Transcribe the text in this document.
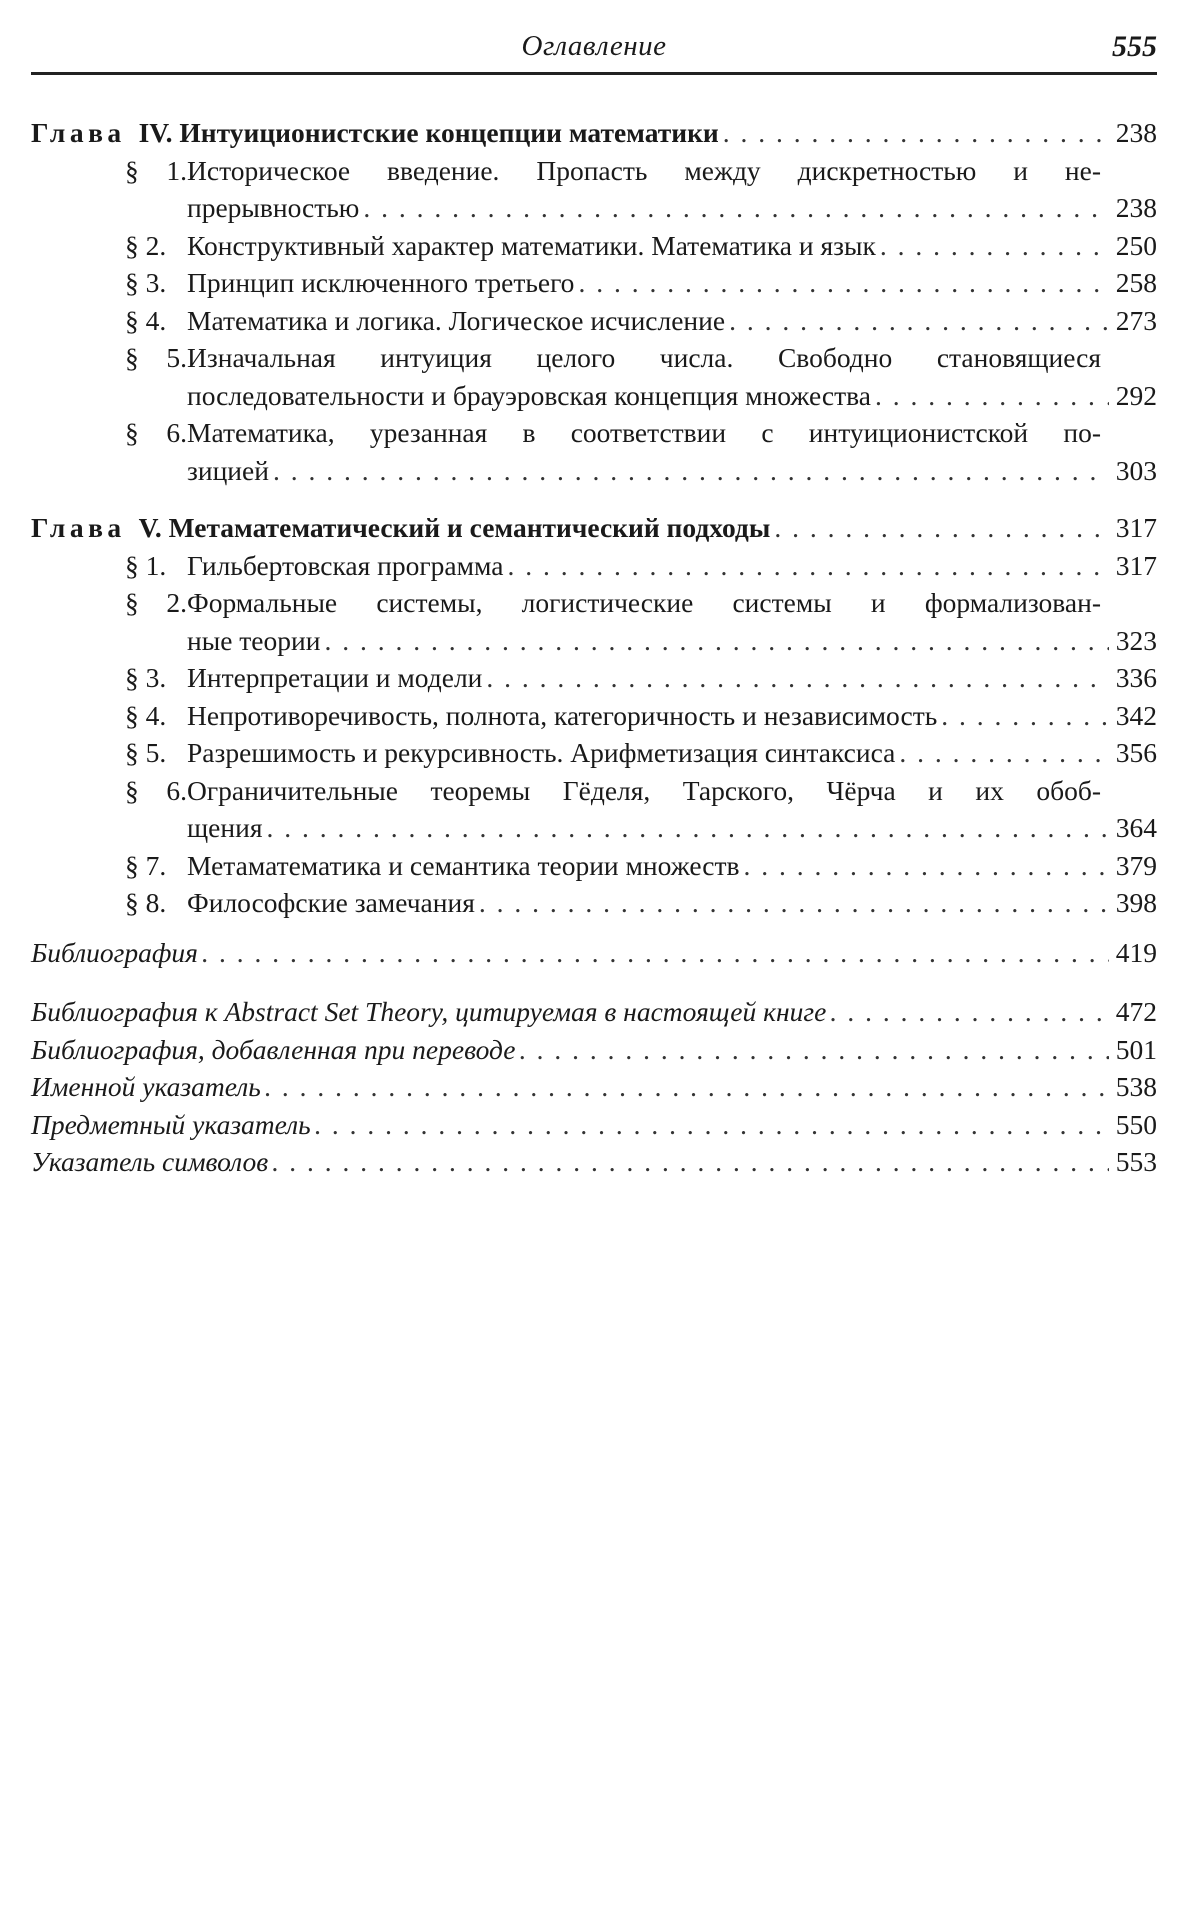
Оглавление	555
Глава IV. Интуиционистские концепции математики . . .	238
§ 1.Историческое введение. Пропасть между дискретностью и не-
прерывностью . . .	238
§ 2. Конструктивный характер математики. Математика и язык . . .	250
§ 3. Принцип исключенного третьего . . .	258
§ 4. Математика и логика. Логическое исчисление . . .	273
§ 5.Изначальная интуиция целого числа. Свободно становящиеся
последовательности и брауэровская концепция множества . . .	292
§ 6.Математика, урезанная в соответствии с интуиционистской по-
зицией . . .	303
Глава V. Метаматематический и семантический подходы . . .	317
§ 1. Гильбертовская программа . . .	317
§ 2.Формальные системы, логистические системы и формализован-
ные теории . . .	323
§ 3. Интерпретации и модели . . .	336
§ 4. Непротиворечивость, полнота, категоричность и независимость . . .	342
§ 5. Разрешимость и рекурсивность. Арифметизация синтаксиса . . .	356
§ 6.Ограничительные теоремы Гёделя, Тарского, Чёрча и их обоб-
щения . . .	364
§ 7. Метаматематика и семантика теории множеств . . .	379
§ 8. Философские замечания . . .	398
Библиография . . .	419
Библиография к Abstract Set Theory, цитируемая в настоящей книге . . .	472
Библиография, добавленная при переводе . . .	501
Именной указатель . . .	538
Предметный указатель . . .	550
Указатель символов . . .	553
